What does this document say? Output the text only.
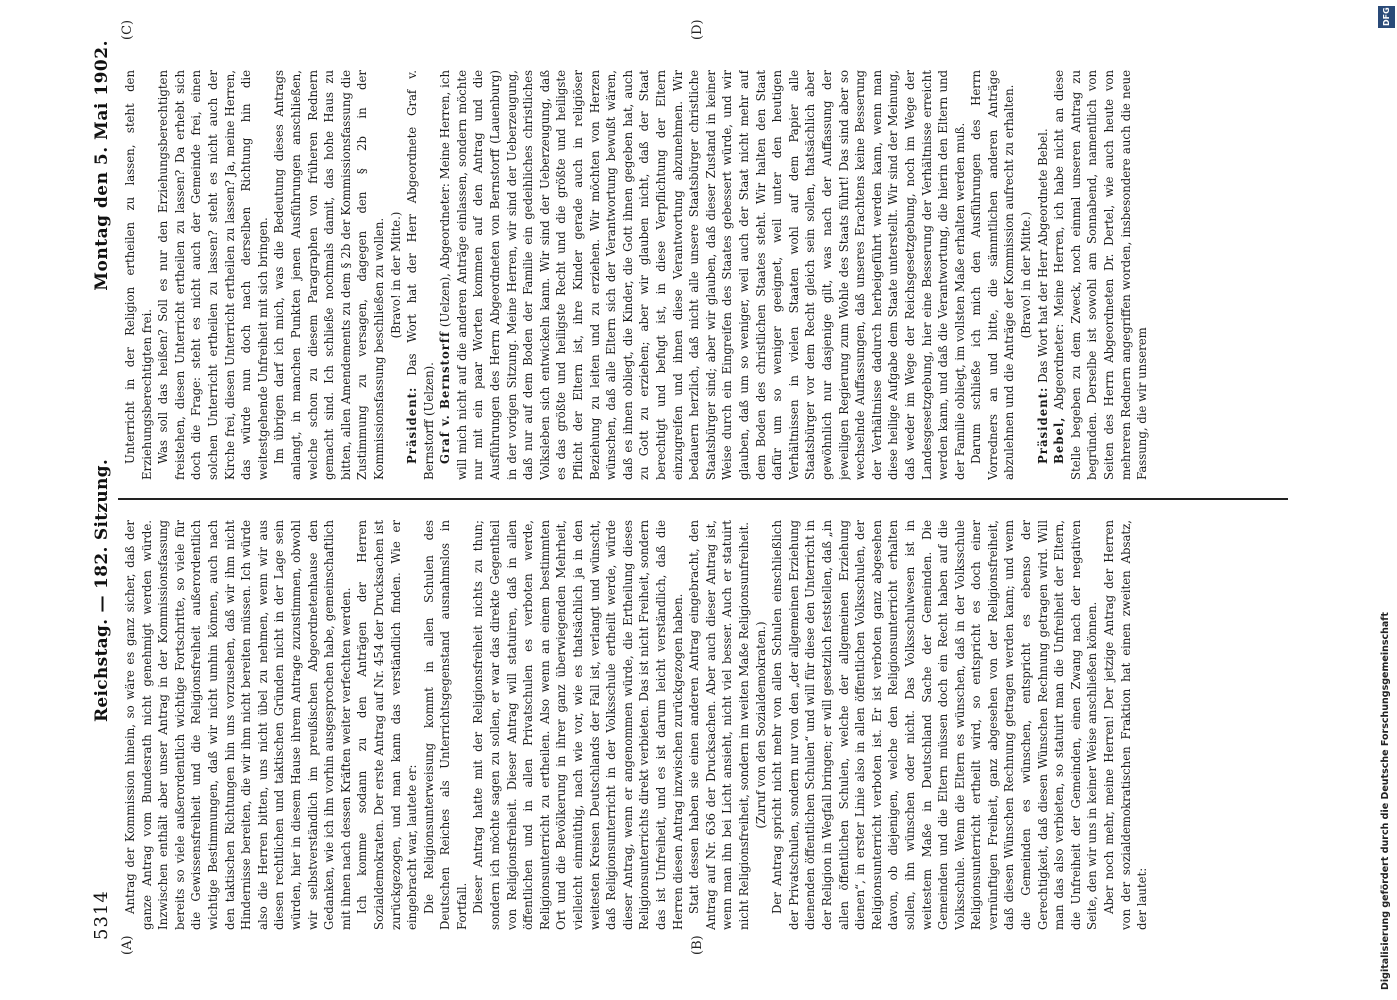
5314
Reichstag. — 182. Sitzung.
Montag den 5. Mai 1902.
(A)	(B)
(C)	(D)

Antrag der Kommission hinein, so wäre es ganz sicher, daß der ganze Antrag vom Bundesrath nicht genehmigt werden würde. Inzwischen enthält aber unser Antrag in der Kommissionsfassung bereits so viele außerordentlich wichtige Fortschritte, so viele für die Gewissensfreiheit und die Religionsfreiheit außerordentlich wichtige Bestimmungen, daß wir nicht umhin können, auch nach den taktischen Richtungen hin uns vorzusehen, daß wir ihm nicht Hindernisse bereiten, die wir ihm nicht bereiten müssen. Ich würde also die Herren bitten, uns nicht übel zu nehmen, wenn wir aus diesen rechtlichen und taktischen Gründen nicht in der Lage sein würden, hier in diesem Hause ihrem Antrage zuzustimmen, obwohl wir selbstverständlich im preußischen Abgeordnetenhause den Gedanken, wie ich ihn vorhin ausgesprochen habe, gemeinschaftlich mit ihnen nach dessen Kräften weiter verfechten werden. Ich komme sodann zu den Anträgen der Herren Sozialdemokraten. Der erste Antrag auf Nr. 454 der Drucksachen ist zurückgezogen, und man kann das verständlich finden. Wie er eingebracht war, lautete er: Die Religionsunterweisung kommt in allen Schulen des Deutschen Reiches als Unterrichtsgegenstand ausnahmslos in Fortfall. Dieser Antrag hatte mit der Religionsfreiheit nichts zu thun; sondern ich möchte sagen zu sollen, er war das direkte Gegentheil von Religionsfreiheit. Dieser Antrag will statuiren, daß in allen öffentlichen und in allen Privatschulen es verboten werde, Religionsunterricht zu ertheilen. Also wenn an einem bestimmten Ort und die Bevölkerung in ihrer ganz überwiegenden Mehrheit, vielleicht einmüthig, nach wie vor, wie es thatsächlich ja in den weitesten Kreisen Deutschlands der Fall ist, verlangt und wünscht, daß Religionsunterricht in der Volksschule ertheilt werde, würde dieser Antrag, wenn er angenommen würde, die Ertheilung dieses Religionsunterrichts direkt verbieten. Das ist nicht Freiheit, sondern das ist Unfreiheit, und es ist darum leicht verständlich, daß die Herren diesen Antrag inzwischen zurückgezogen haben. Statt dessen haben sie einen anderen Antrag eingebracht, den Antrag auf Nr. 636 der Drucksachen. Aber auch dieser Antrag ist, wenn man ihn bei Licht ansieht, nicht viel besser. Auch er statuirt nicht Religionsfreiheit, sondern im weiten Maße Religionsunfreiheit. (Zuruf von den Sozialdemokraten.) Der Antrag spricht nicht mehr von allen Schulen einschließlich der Privatschulen, sondern nur von den „der allgemeinen Erziehung dienenden öffentlichen Schulen“ und will für diese den Unterricht in der Religion in Wegfall bringen; er will gesetzlich feststellen, daß „in allen öffentlichen Schulen, welche der allgemeinen Erziehung dienen“, in erster Linie also in allen öffentlichen Volksschulen, der Religionsunterricht verboten ist. Er ist verboten ganz abgesehen davon, ob diejenigen, welche den Religionsunterricht erhalten sollen, ihn wünschen oder nicht. Das Volksschulwesen ist in weitestem Maße in Deutschland Sache der Gemeinden. Die Gemeinden und die Eltern müssen doch ein Recht haben auf die Volksschule. Wenn die Eltern es wünschen, daß in der Volksschule Religionsunterricht ertheilt wird, so entspricht es doch einer vernünftigen Freiheit, ganz abgesehen von der Religionsfreiheit, daß diesen Wünschen Rechnung getragen werden kann; und wenn die Gemeinden es wünschen, entspricht es ebenso der Gerechtigkeit, daß diesen Wünschen Rechnung getragen wird. Will man das also verbieten, so statuirt man die Unfreiheit der Eltern, die Unfreiheit der Gemeinden, einen Zwang nach der negativen Seite, den wir uns in keiner Weise anschließen können. Aber noch mehr, meine Herren! Der jetzige Antrag der Herren von der sozialdemokratischen Fraktion hat einen zweiten Absatz, der lautet:

Unterricht in der Religion ertheilen zu lassen, steht den Erziehungsberechtigten frei. Was soll das heißen? Soll es nur den Erziehungsberechtigten freistehen, diesen Unterricht ertheilen zu lassen? Da erhebt sich doch die Frage: steht es nicht auch der Gemeinde frei, einen solchen Unterricht ertheilen zu lassen? steht es nicht auch der Kirche frei, diesen Unterricht ertheilen zu lassen? Ja, meine Herren, das würde nun doch nach derselben Richtung hin die weitestgehende Unfreiheit mit sich bringen. Im übrigen darf ich mich, was die Bedeutung dieses Antrags anlangt, in manchen Punkten jenen Ausführungen anschließen, welche schon zu diesem Paragraphen von früheren Rednern gemacht sind. Ich schließe nochmals damit, das hohe Haus zu bitten, allen Amendements zu dem § 2b der Kommissionsfassung die Zustimmung zu versagen, dagegen den § 2b in der Kommissionsfassung beschließen zu wollen. (Bravo! in der Mitte.)

Präsident: Das Wort hat der Herr Abgeordnete Graf v. Bernstorff (Uelzen). Graf v. Bernstorff (Uelzen), Abgeordneter: Meine Herren, ich will mich nicht auf die anderen Anträge einlassen, sondern möchte nur mit ein paar Worten kommen auf den Antrag und die Ausführungen des Herrn Abgeordneten von Bernstorff (Lauenburg) in der vorigen Sitzung. Meine Herren, wir sind der Ueberzeugung, daß nur auf dem Boden der Familie ein gedeihliches christliches Volksleben sich entwickeln kann. Wir sind der Ueberzeugung, daß es das größte und heiligste Recht und die größte und heiligste Pflicht der Eltern ist, ihre Kinder gerade auch in religiöser Beziehung zu leiten und zu erziehen. Wir möchten von Herzen wünschen, daß alle Eltern sich der Verantwortung bewußt wären, daß es ihnen obliegt, die Kinder, die Gott ihnen gegeben hat, auch zu Gott zu erziehen; aber wir glauben nicht, daß der Staat berechtigt und befugt ist, in diese Verpflichtung der Eltern einzugreifen und ihnen diese Verantwortung abzunehmen. Wir bedauern herzlich, daß nicht alle unsere Staatsbürger christliche Staatsbürger sind; aber wir glauben, daß dieser Zustand in keiner Weise durch ein Eingreifen des Staates gebessert würde, und wir glauben, daß um so weniger, weil auch der Staat nicht mehr auf dem Boden des christlichen Staates steht. Wir halten den Staat dafür um so weniger geeignet, weil unter den heutigen Verhältnissen in vielen Staaten wohl auf dem Papier alle Staatsbürger vor dem Recht gleich sein sollen, thatsächlich aber gewöhnlich nur dasjenige gilt, was nach der Auffassung der jeweiligen Regierung zum Wohle des Staats führt! Das sind aber so wechselnde Auffassungen, daß unseres Erachtens keine Besserung der Verhältnisse dadurch herbeigeführt werden kann, wenn man diese heilige Aufgabe dem Staate unterstellt. Wir sind der Meinung, daß weder im Wege der Reichsgesetzgebung, noch im Wege der Landesgesetzgebung, hier eine Besserung der Verhältnisse erreicht werden kann, und daß die Verantwortung, die hierin den Eltern und der Familie obliegt, im vollsten Maße erhalten werden muß. Darum schließe ich mich den Ausführungen des Herrn Vorredners an und bitte, die sämmtlichen anderen Anträge abzulehnen und die Anträge der Kommission aufrecht zu erhalten. (Bravo! in der Mitte.)

Präsident: Das Wort hat der Herr Abgeordnete Bebel.

Bebel, Abgeordneter: Meine Herren, ich habe nicht an diese Stelle begeben zu dem Zweck, noch einmal unseren Antrag zu begründen. Derselbe ist sowohl am Sonnabend, namentlich von Seiten des Herrn Abgeordneten Dr. Dertel, wie auch heute von mehreren Rednern angegriffen worden, insbesondere auch die neue Fassung, die wir unserem

DFG
Digitalisierung gefördert durch die Deutsche Forschungsgemeinschaft
